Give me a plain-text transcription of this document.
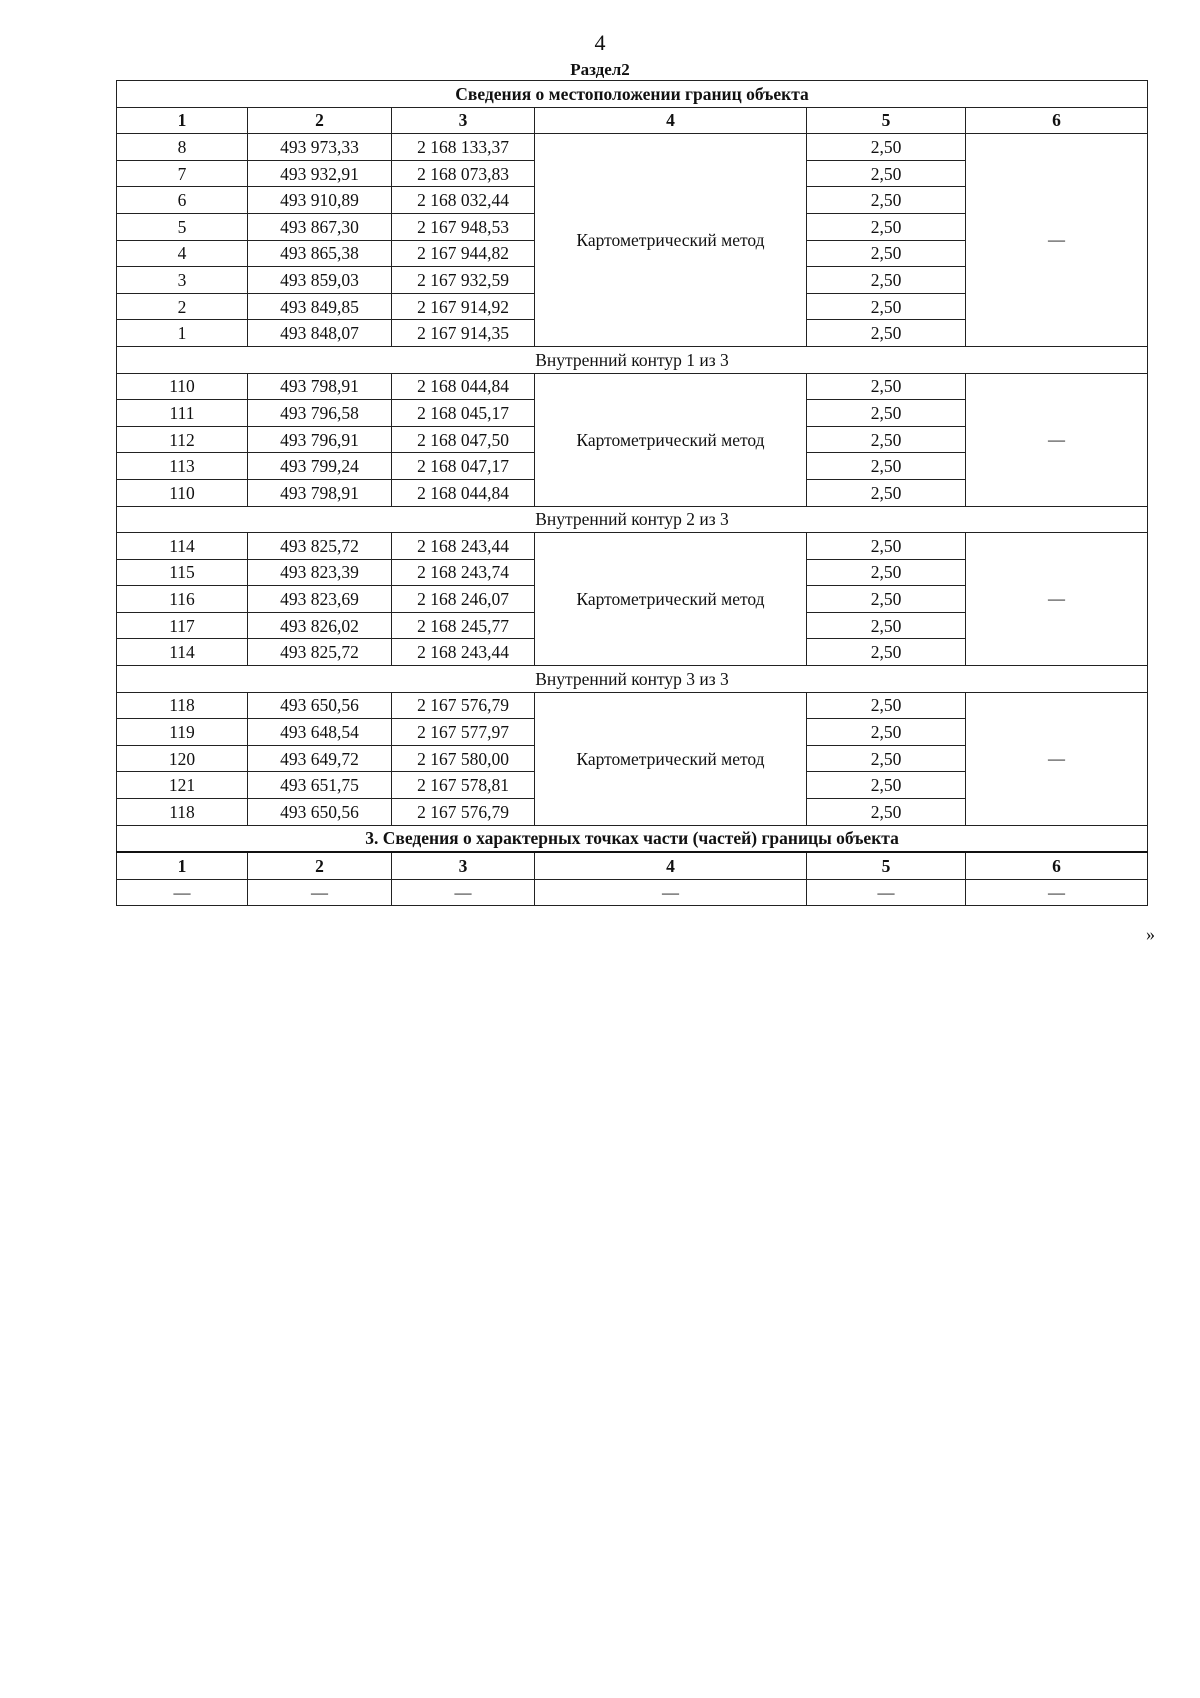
4
Раздел2
Сведения о местоположении границ объекта					
1	2	3	4	5	6
8	493 973,33	2 168 133,37	Картометрический метод	2,50	—
7	493 932,91	2 168 073,83		2,50	
6	493 910,89	2 168 032,44		2,50	
5	493 867,30	2 167 948,53		2,50	
4	493 865,38	2 167 944,82		2,50	
3	493 859,03	2 167 932,59		2,50	
2	493 849,85	2 167 914,92		2,50	
1	493 848,07	2 167 914,35		2,50	
Внутренний контур 1 из 3					
110	493 798,91	2 168 044,84	Картометрический метод	2,50	—
111	493 796,58	2 168 045,17		2,50	
112	493 796,91	2 168 047,50		2,50	
113	493 799,24	2 168 047,17		2,50	
110	493 798,91	2 168 044,84		2,50	
Внутренний контур 2 из 3					
114	493 825,72	2 168 243,44	Картометрический метод	2,50	—
115	493 823,39	2 168 243,74		2,50	
116	493 823,69	2 168 246,07		2,50	
117	493 826,02	2 168 245,77		2,50	
114	493 825,72	2 168 243,44		2,50	
Внутренний контур 3 из 3					
118	493 650,56	2 167 576,79	Картометрический метод	2,50	—
119	493 648,54	2 167 577,97		2,50	
120	493 649,72	2 167 580,00		2,50	
121	493 651,75	2 167 578,81		2,50	
118	493 650,56	2 167 576,79		2,50	
3. Сведения о характерных точках части (частей) границы объекта					
1	2	3	4	5	6
—	—	—	—	—	—
»
